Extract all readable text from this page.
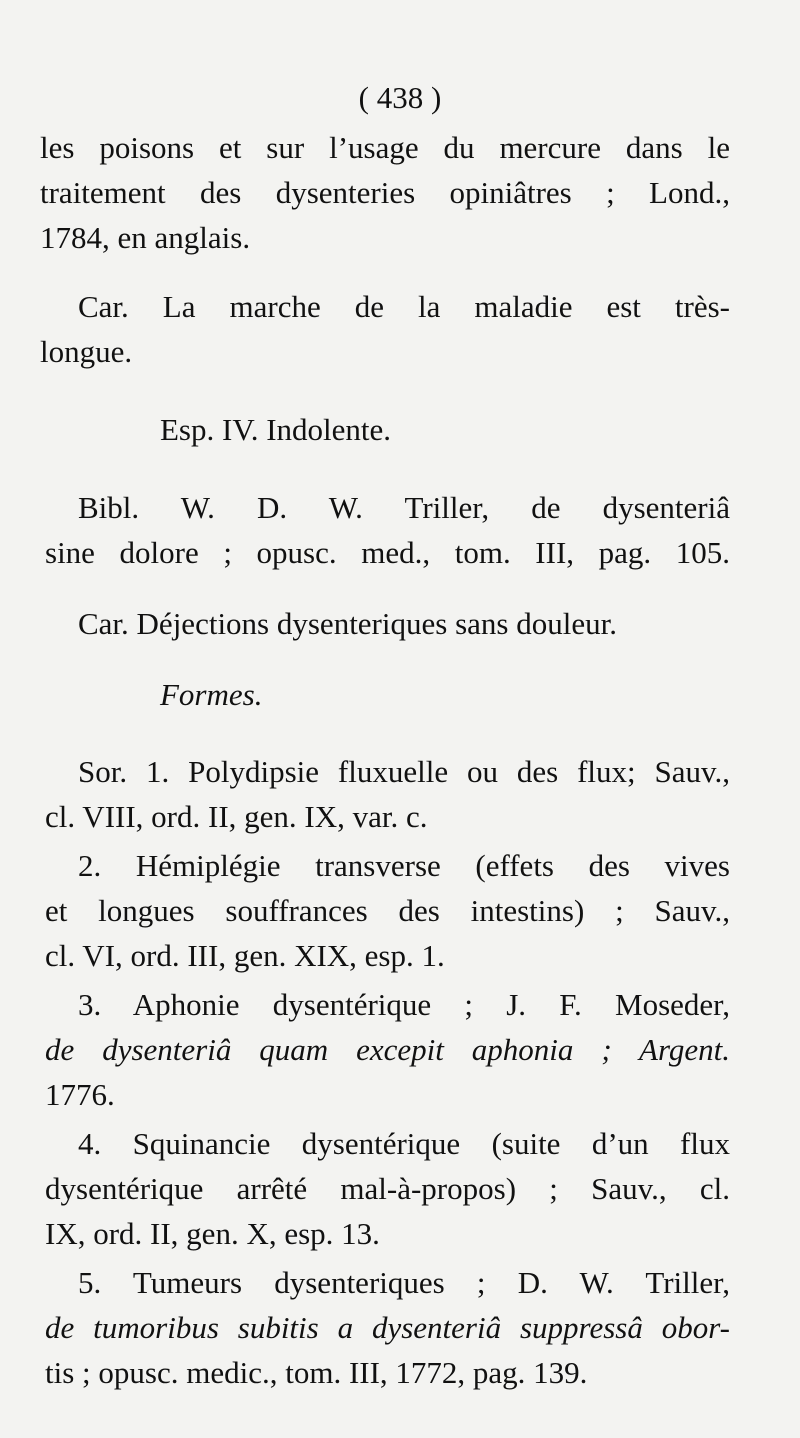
( 438 )
les poisons et sur l’usage du mercure dans le
traitement des dysenteries opiniâtres ; Lond.,
1784, en anglais.
Car. La marche de la maladie est très-
longue.
Esp. IV. Indolente.
Bibl. W. D. W. Triller, de dysenteriâ
sine dolore ; opusc. med., tom. III, pag. 105.
Car. Déjections dysenteriques sans douleur.
Formes.
Sor. 1. Polydipsie fluxuelle ou des flux; Sauv.,
cl. VIII, ord. II, gen. IX, var. c.
2. Hémiplégie transverse (effets des vives
et longues souffrances des intestins) ; Sauv.,
cl. VI, ord. III, gen. XIX, esp. 1.
3. Aphonie dysentérique ; J. F. Moseder,
de dysenteriâ quam excepit aphonia ; Argent.
1776.
4. Squinancie dysentérique (suite d’un flux
dysentérique arrêté mal-à-propos) ; Sauv., cl.
IX, ord. II, gen. X, esp. 13.
5. Tumeurs dysenteriques ; D. W. Triller,
de tumoribus subitis a dysenteriâ suppressâ obor-
tis ; opusc. medic., tom. III, 1772, pag. 139.
